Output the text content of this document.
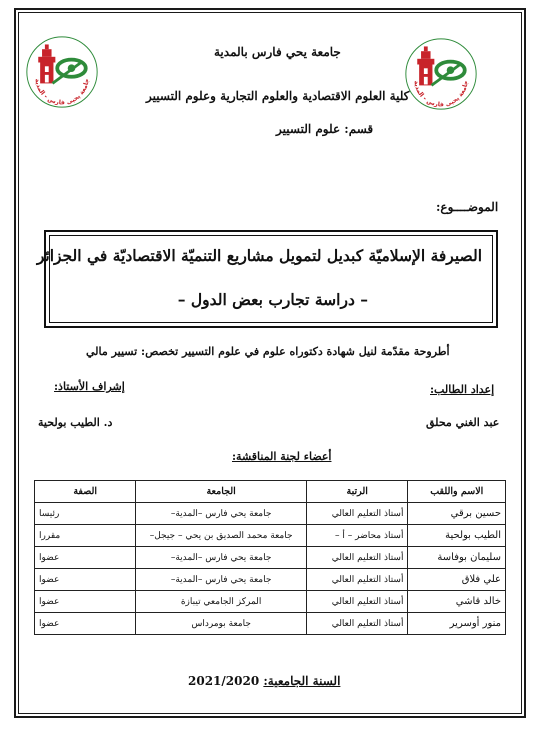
جامعة يحيى فارس - المدية	جامعة يحيى فارس - المدية
جامعة يحي فارس بالمدية
كلية العلوم الاقتصادية والعلوم التجارية وعلوم التسيير
قسم: علوم التسيير
الموضــــوع:
الصيرفة الإسلاميّة كبديل لتمويل مشاريع التنميّة الاقتصاديّة في الجزائر
– دراسة تجارب بعض الدول –
أطروحة مقدّمة لنيل شهادة دكتوراه علوم في علوم التسيير تخصص: تسيير مالي
إعداد الطالب:
إشراف الأستاذ:
عبد الغني محلق
د. الطيب بولحية
أعضاء لجنة المناقشة:
الاسم واللقب	الرتبة	الجامعة	الصفة
حسين برقي	أستاذ التعليم العالي	جامعة يحي فارس –المدية–	رئيسا
الطيب بولحية	أستاذ محاضر – أ –	جامعة محمد الصديق بن يحي – جيجل–	مقررا
سليمان بوفاسة	أستاذ التعليم العالي	جامعة يحي فارس –المدية–	عضوا
علي فلاق	أستاذ التعليم العالي	جامعة يحي فارس –المدية–	عضوا
خالد قاشي	أستاذ التعليم العالي	المركز الجامعي تيبازة	عضوا
منور أوسرير	أستاذ التعليم العالي	جامعة بومرداس	عضوا
السنة الجامعية: 2021/2020
